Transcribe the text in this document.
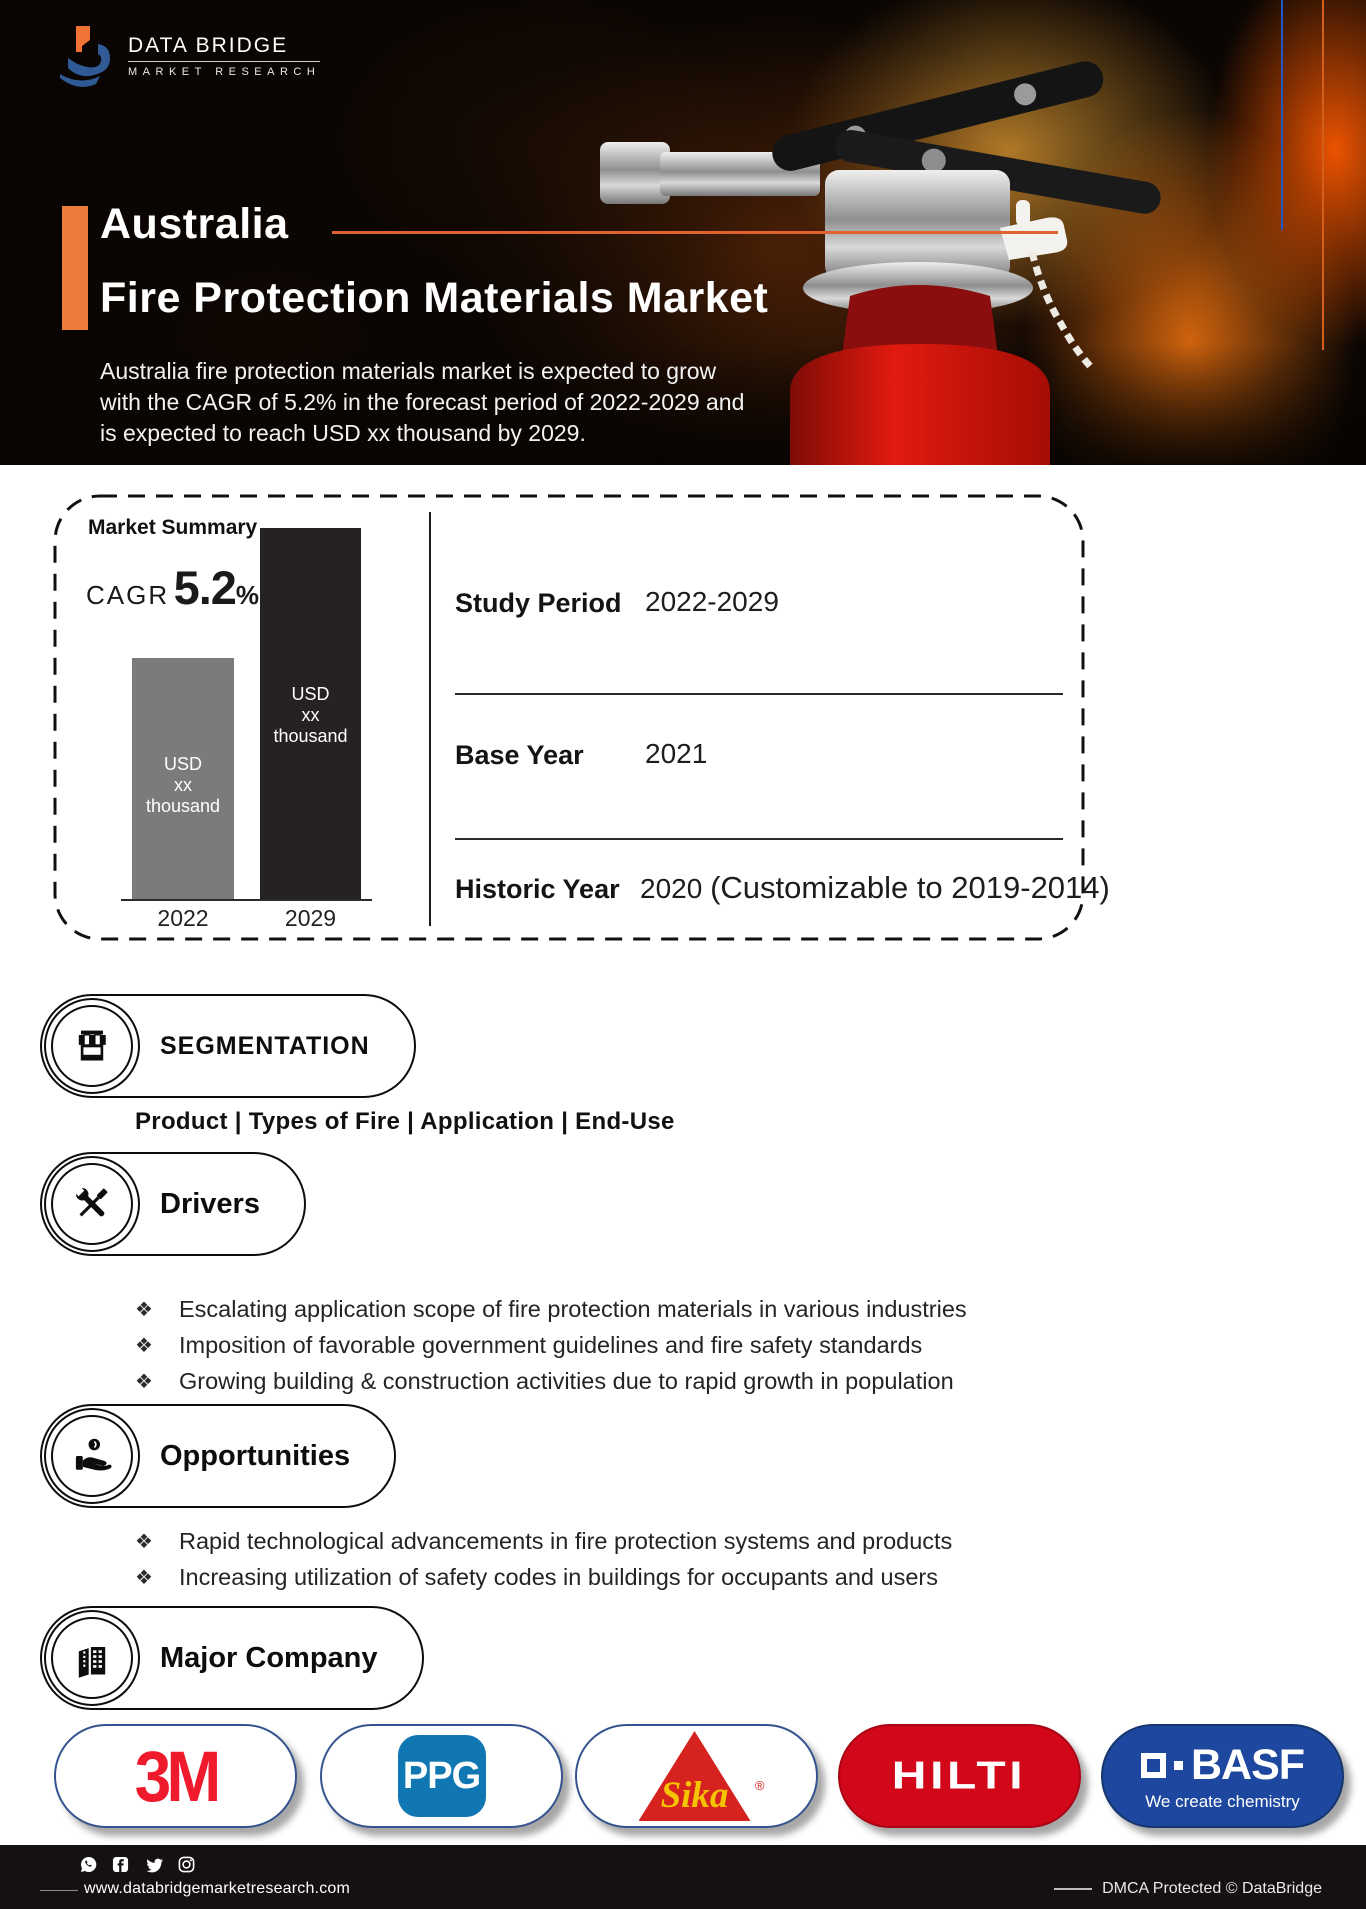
DATA BRIDGE
MARKET RESEARCH
Australia
Fire Protection Materials Market
Australia fire protection materials market is expected to grow
with the CAGR of 5.2% in the forecast period of 2022-2029 and
is expected to reach USD xx thousand by 2029.
Market Summary
CAGR 5.2%
USD
xx
thousand
USD
xx
thousand
2022	2029
Study Period 2022-2029
Base Year 2021
Historic Year 2020 (Customizable to 2019-2014)
SEGMENTATION
Product | Types of Fire | Application | End-Use
Drivers
❖	Escalating application scope of fire protection materials in various industries
❖	Imposition of favorable government guidelines and fire safety standards
❖	Growing building & construction activities due to rapid growth in population
Opportunities
❖	Rapid technological advancements in fire protection systems and products
❖	Increasing utilization of safety codes in buildings for occupants and users
Major Company
3M	PPG	Sika	®	HILTI	BASF
We create chemistry
www.databridgemarketresearch.com	DMCA Protected © DataBridge
